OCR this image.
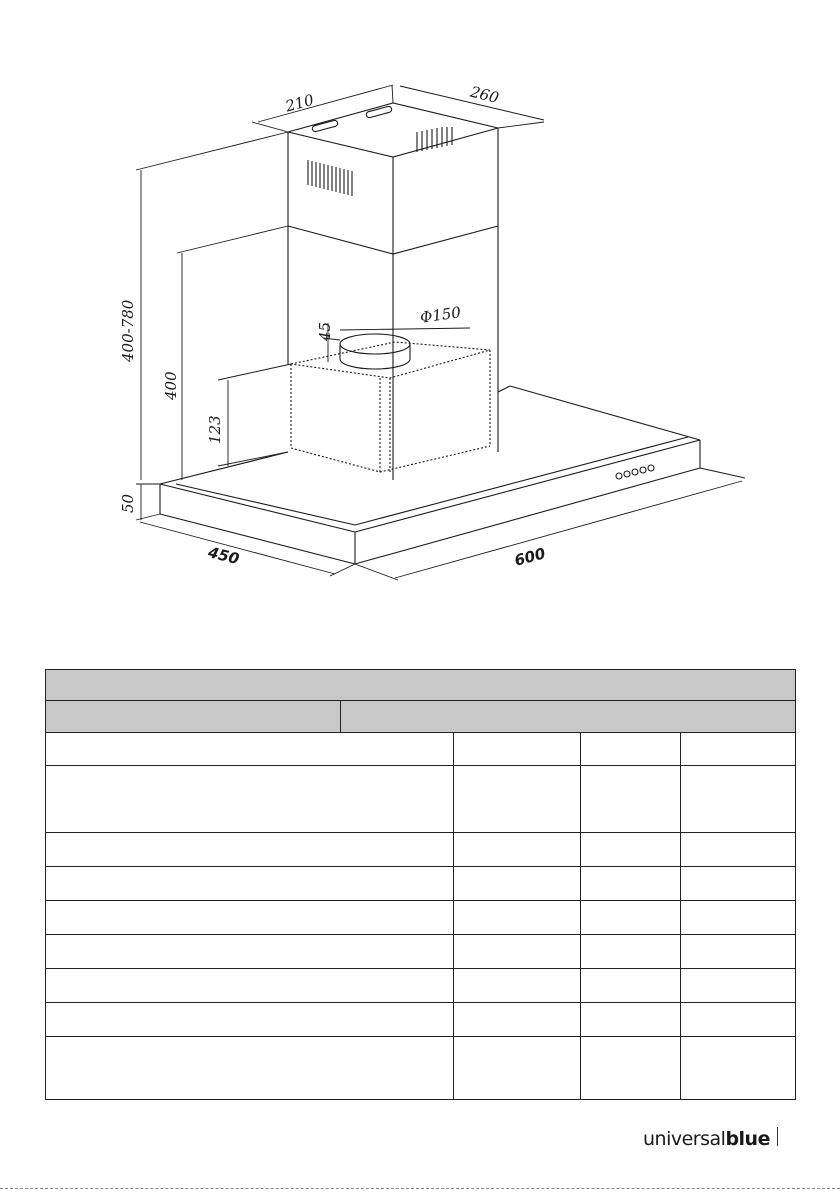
210	260
400-780
400
123
45
Φ150
50
450	600

universalblue
